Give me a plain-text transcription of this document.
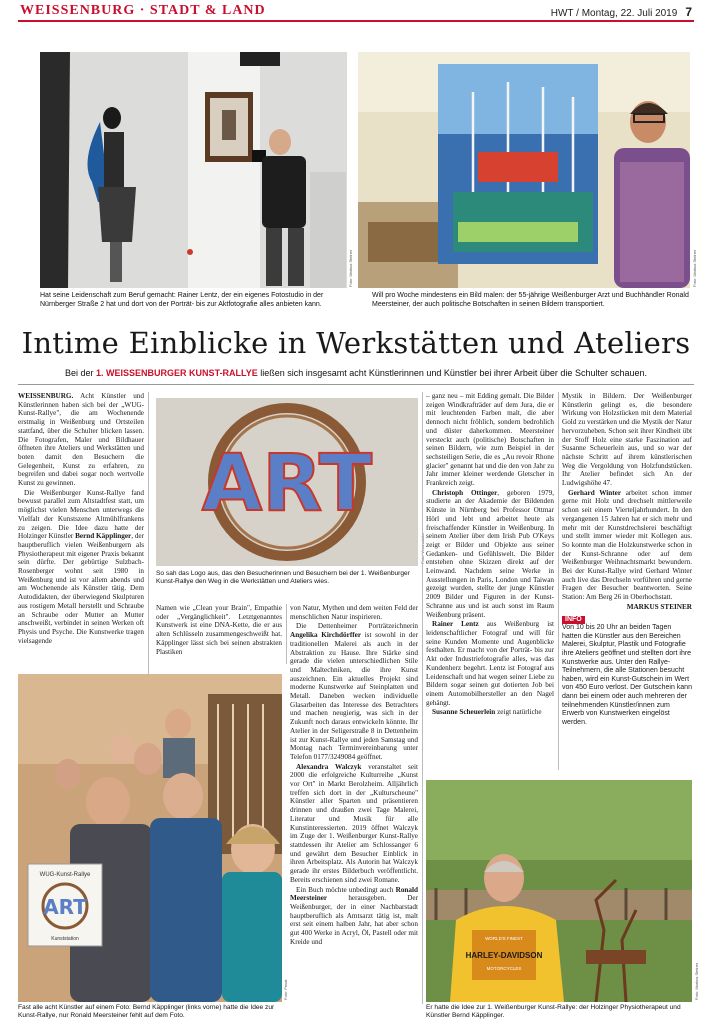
WEISSENBURG · STADT & LAND	HWT / Montag, 22. Juli 2019 7
Foto: Markus Steiner
Hat seine Leidenschaft zum Beruf gemacht: Rainer Lentz, der ein eigenes Fotostudio in der Nürnberger Straße 2 hat und dort von der Porträt- bis zur Aktfotografie alles anbieten kann.
Foto: Markus Steiner
Will pro Woche mindestens ein Bild malen: der 55-jährige Weißenburger Arzt und Buchhändler Ronald Meersteiner, der auch politische Botschaften in seinen Bildern transportiert.
Intime Einblicke in Werkstätten und Ateliers
Bei der 1. WEISSENBURGER KUNST-RALLYE ließen sich insgesamt acht Künstlerinnen und Künstler bei ihrer Arbeit über die Schulter schauen.

WEISSENBURG. Acht Künstler und Künstlerinnen haben sich bei der „WUG-Kunst-Rallye", die am Wochenende erstmalig in Weißenburg und Ortsteilen stattfand, über die Schulter blicken lassen. Die Fotografen, Maler und Bildhauer öffneten ihre Ateliers und Werkstätten und boten damit den Besuchern die Gelegenheit, Kunst zu erfahren, zu begreifen und dabei sogar noch wertvolle Kunst zu gewinnen.

Die Weißenburger Kunst-Rallye fand bewusst parallel zum Altstadtfest statt, um möglichst vielen Menschen unterwegs die Vielfalt der Kunstszene Altmühlfrankens zu zeigen. Die Idee dazu hatte der Holzinger Künstler Bernd Käpplinger, der hauptberuflich vielen Weißenburgern als Physiotherapeut mit eigener Praxis bekannt sein dürfte. Der gebürtige Sulzbach-Rosenberger wohnt seit 1980 in Weißenburg und ist vor allem abends und am Wochenende als Künstler tätig. Dem Autodidakten, der überwiegend Skulpturen aus rostigem Metall herstellt und Schraube an Schraube oder Mutter an Mutter anschweißt, verbindet in seinen Werken oft Physis und Psyche. Die Kunstwerke tragen vielsagende

ART
So sah das Logo aus, das den Besucherinnen und Besuchern bei der 1. Weißenburger Kunst-Rallye den Weg in die Werkstätten und Ateliers wies.

Namen wie „Clean your Brain", Empathie oder „Vergänglichkeit". Letztgenanntes Kunstwerk ist eine DNA-Kette, die er aus alten Schlüsseln zusammengeschweißt hat. Käpplinger lässt sich bei seinen abstrakten Plastiken

von Natur, Mythen und dem weiten Feld der menschlichen Natur inspirieren.

Die Dettenheimer Porträtzeichnerin Angelika Kirchdörffer ist sowohl in der traditionellen Malerei als auch in der Abstraktion zu Hause. Ihre Stärke sind gerade die vielen unterschiedlichen Stile und Maltechniken, die ihre Kunst auszeichnen. Ein aktuelles Projekt sind moderne Kunstwerke auf Steinplatten und Metall. Daneben wecken individuelle Glasarbeiten das Interesse des Betrachters und machen neugierig, was sich in der Zukunft noch daraus entwickeln könnte. Ihr Atelier in der Seligerstraße 8 in Dettenheim ist zur Kunst-Rallye und jeden Samstag und Montag nach Terminvereinbarung unter Telefon 0177/3249084 geöffnet.

Alexandra Walczyk veranstaltet seit 2000 die erfolgreiche Kulturreihe „Kunst vor Ort" in Markt Berolzheim. Alljährlich treffen sich dort in der „Kulturscheune" Künstler aller Sparten und präsentieren drinnen und draußen zwei Tage Malerei, Literatur und Musik für alle Kunstinteressierten. 2019 öffnet Walczyk im Zuge der 1. Weißenburger Kunst-Rallye stattdessen ihr Atelier am Schlossanger 6 und gewährt dem Besucher Einblick in ihren Arbeitsplatz. Als Autorin hat Walczyk gerade ihr erstes Bilderbuch veröffentlicht. Bereits erschienen sind zwei Romane.

Ein Buch möchte unbedingt auch Ronald Meersteiner	herausgeben. Der Weißenburger, der in einer Nachbarstadt hauptberuflich als Amtsarzt tätig ist, malt erst seit einem halben Jahr, hat aber schon gut 400 Werke in Acryl, Öl, Pastell oder mit Kreide und

– ganz neu – mit Edding gemalt. Die Bilder zeigen Windkrafträder auf dem Jura, die er mit leuchtenden Farben malt, die aber dennoch nicht fröhlich, sondern bedrohlich und düster daherkommen. Meersteiner versteckt auch (politische) Botschaften in seinen Bildern, wie zum Beispiel in der sechsteiligen Serie, die es „Au revoir Rhone glacier" genannt hat und die den von Jahr zu Jahr immer kleiner werdende Gletscher in Frankreich zeigt.

Christoph Ottinger, geboren 1979, studierte an der Akademie der Bildenden Künste in Nürnberg bei Professor Ottmar Hörl und lebt und arbeitet heute als freischaffender Künstler in Weißenburg. In seinem Atelier über dem Irish Pub O'Keys zeigt er Bilder und Objekte aus seiner Gedanken- und Gefühlswelt. Die Bilder entstehen ohne Skizzen direkt auf der Leinwand. Nachdem seine Werke in Ausstellungen in Paris, London und Taiwan gezeigt wurden, stellte der junge Künstler 2009 Bilder und Figuren in der Kunst-Schranne aus und ist auch sonst im Raum Weißenburg präsent.

Rainer Lentz aus Weißenburg ist leidenschaftlicher Fotograf und will für seine Kunden Momente und Augenblicke festhalten. Er macht von der Porträt- bis zur Akt oder Industriefotografie alles, was das Kundenherz begehrt. Lentz ist Fotograf aus Leidenschaft und hat wegen seiner Liebe zu Bildern sogar seinen gut dotierten Job bei einem Automobilhersteller an den Nagel gehängt.

Susanne Scheuerlein zeigt natürliche

Mystik in Bildern. Der Weißenburger Künstlerin gelingt es, die besondere Wirkung von Holzstücken mit dem Material Gold zu verstärken und die Mystik der Natur hervorzuheben. Schon seit ihrer Kindheit übt der Stoff Holz eine starke Faszination auf Susanne Scheuerlein aus, und so war der nächste Schritt auf ihrem künstlerischen Weg die Vergoldung von Holzfundstücken. Ihr Atelier befindet sich An der Ludwigshöhe 47.

Gerhard Winter arbeitet schon immer gerne mit Holz und drechselt mittlerweile schon seit einem Vierteljahrhundert. In den vergangenen 15 Jahren hat er sich mehr und mehr mit der Kunstdrechslerei beschäftigt und stellt immer wieder mit Kollegen aus. So konnte man die Holzkunstwerke schon in der Kunst-Schranne oder auf dem Weißenburger Weihnachtsmarkt bewundern. Bei der Kunst-Rallye wird Gerhard Winter auch live das Drechseln vorführen und gerne Fragen der Besucher beantworten. Seine Station: Am Berg 26 in Oberhochstatt.

MARKUS STEINER
INFO
Von 10 bis 20 Uhr an beiden Tagen hatten die Künstler aus den Bereichen Malerei, Skulptur, Plastik und Fotografie ihre Ateliers geöffnet und stellten dort ihre Kunstwerke aus. Unter den Rallye-Teilnehmern, die alle Stationen besucht haben, wird ein Kunst-Gutschein im Wert von 450 Euro verlost. Der Gutschein kann dann bei einem oder auch mehreren der teilnehmenden Künstler/innen zum Erwerb von Kunstwerken eingelöst werden.
WUG-Kunst-Rallye
ART
Kunststation
Foto: Privat
Fast alle acht Künstler auf einem Foto: Bernd Käpplinger (links vorne) hatte die Idee zur Kunst-Rallye, nur Ronald Meersteiner fehlt auf dem Foto.
WORLD'S FINEST
HARLEY-DAVIDSON
MOTORCYCLES	Foto: Markus Steiner
Er hatte die Idee zur 1. Weißenburger Kunst-Rallye: der Holzinger Physiotherapeut und Künstler Bernd Käpplinger.
